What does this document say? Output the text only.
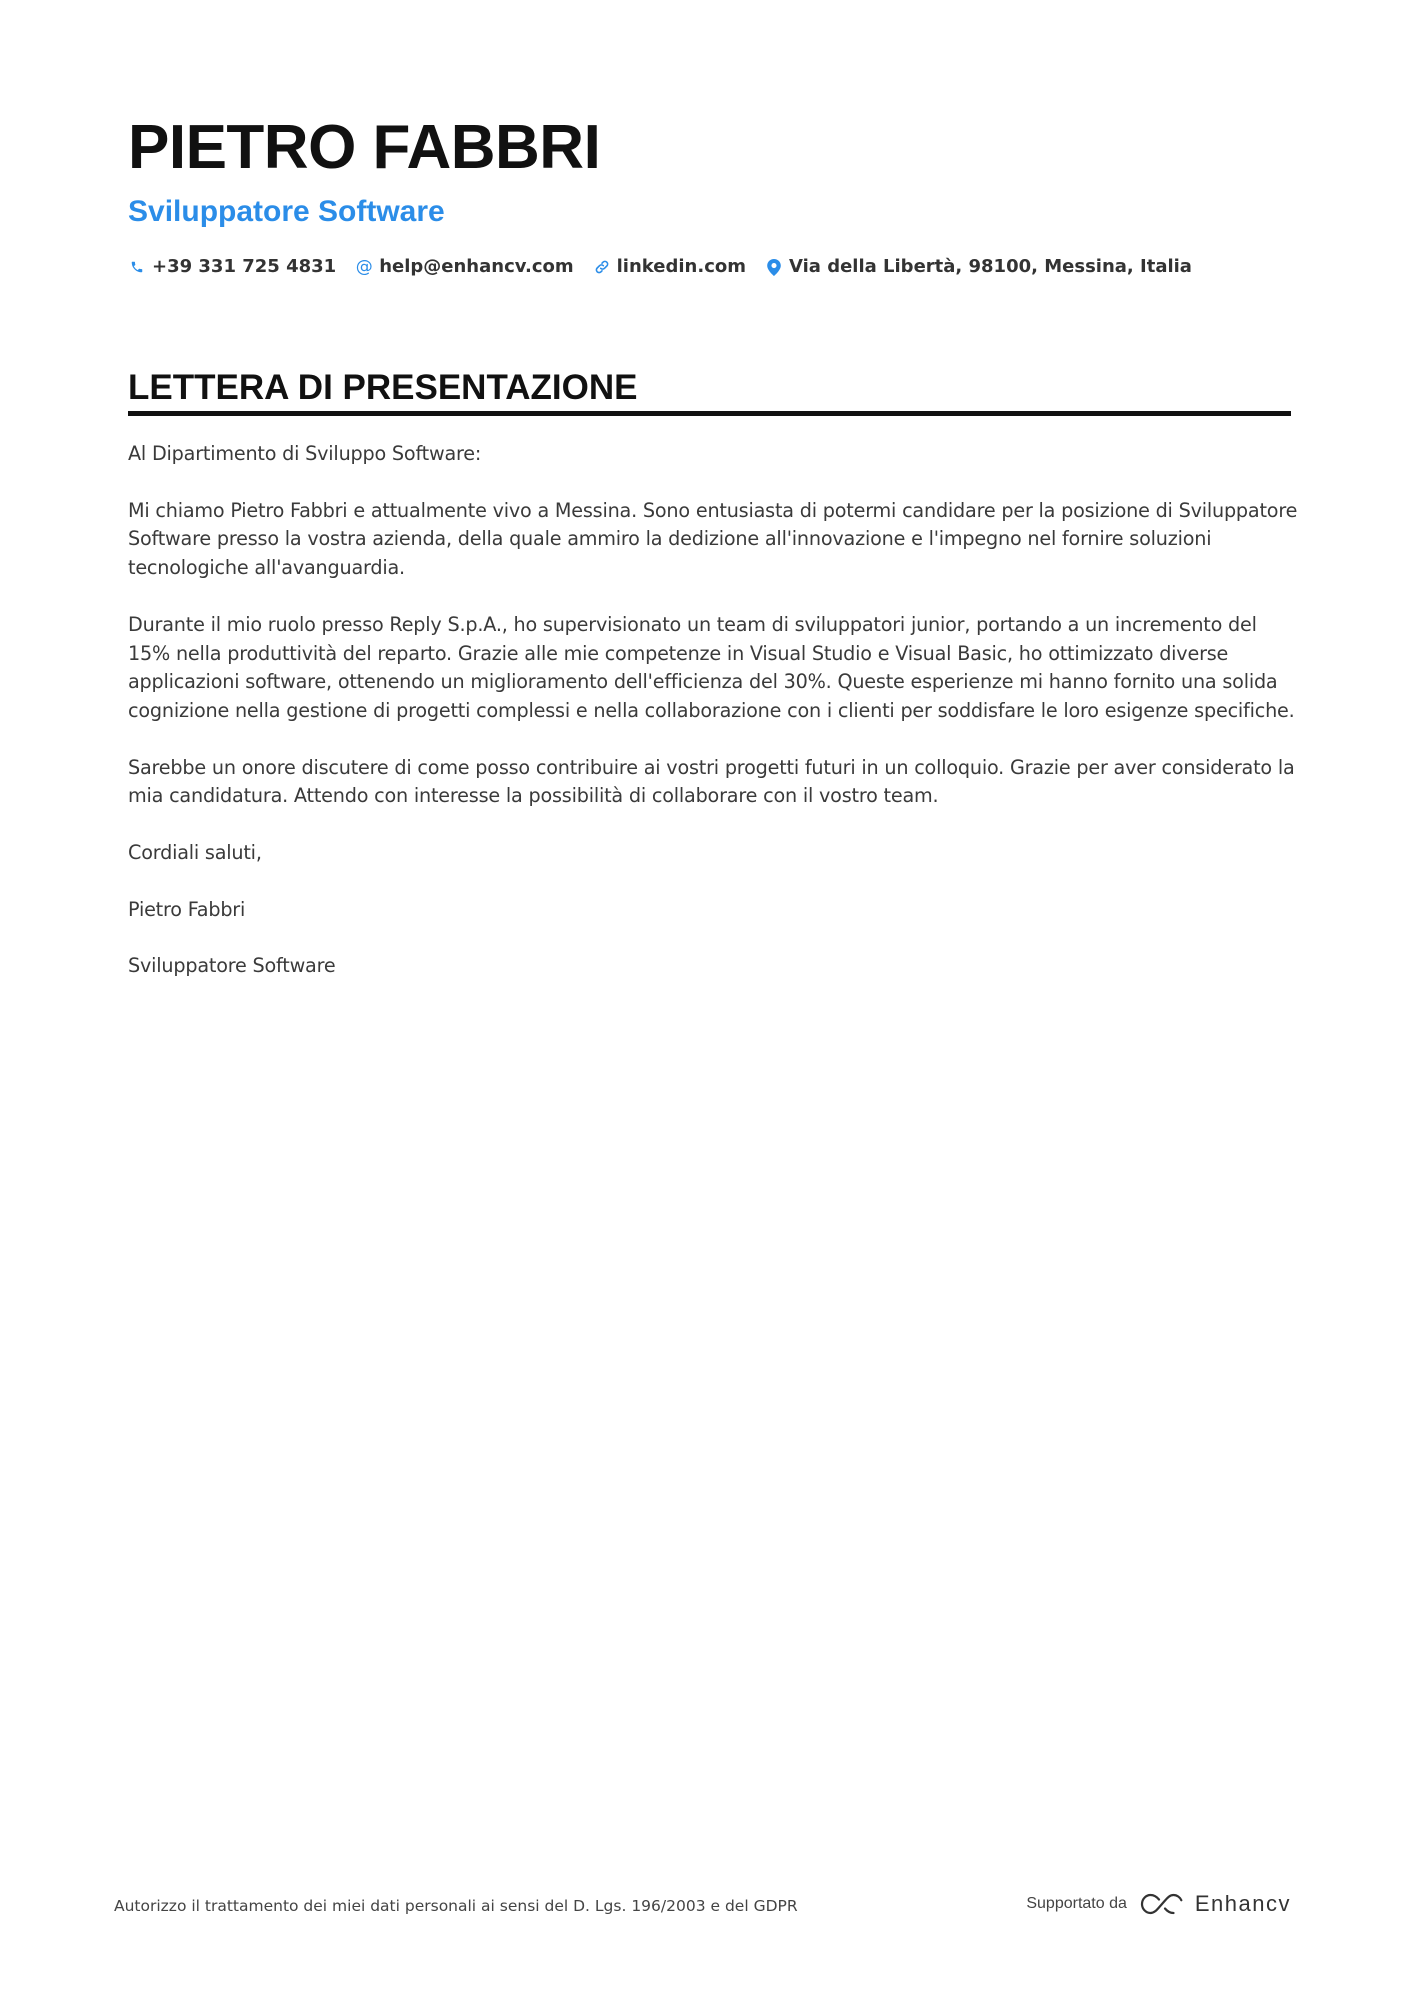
PIETRO FABBRI
Sviluppatore Software
+39 331 725 4831 @ help@enhancv.com linkedin.com Via della Libertà, 98100, Messina, Italia
LETTERA DI PRESENTAZIONE

Al Dipartimento di Sviluppo Software:

Mi chiamo Pietro Fabbri e attualmente vivo a Messina. Sono entusiasta di potermi candidare per la posizione di Sviluppatore Software presso la vostra azienda, della quale ammiro la dedizione all'innovazione e l'impegno nel fornire soluzioni tecnologiche all'avanguardia.

Durante il mio ruolo presso Reply S.p.A., ho supervisionato un team di sviluppatori junior, portando a un incremento del 15% nella produttività del reparto. Grazie alle mie competenze in Visual Studio e Visual Basic, ho ottimizzato diverse applicazioni software, ottenendo un miglioramento dell'efficienza del 30%. Queste esperienze mi hanno fornito una solida cognizione nella gestione di progetti complessi e nella collaborazione con i clienti per soddisfare le loro esigenze specifiche.

Sarebbe un onore discutere di come posso contribuire ai vostri progetti futuri in un colloquio. Grazie per aver considerato la mia candidatura. Attendo con interesse la possibilità di collaborare con il vostro team.

Cordiali saluti,

Pietro Fabbri

Sviluppatore Software

Autorizzo il trattamento dei miei dati personali ai sensi del D. Lgs. 196/2003 e del GDPR	Supportato da	Enhancv
